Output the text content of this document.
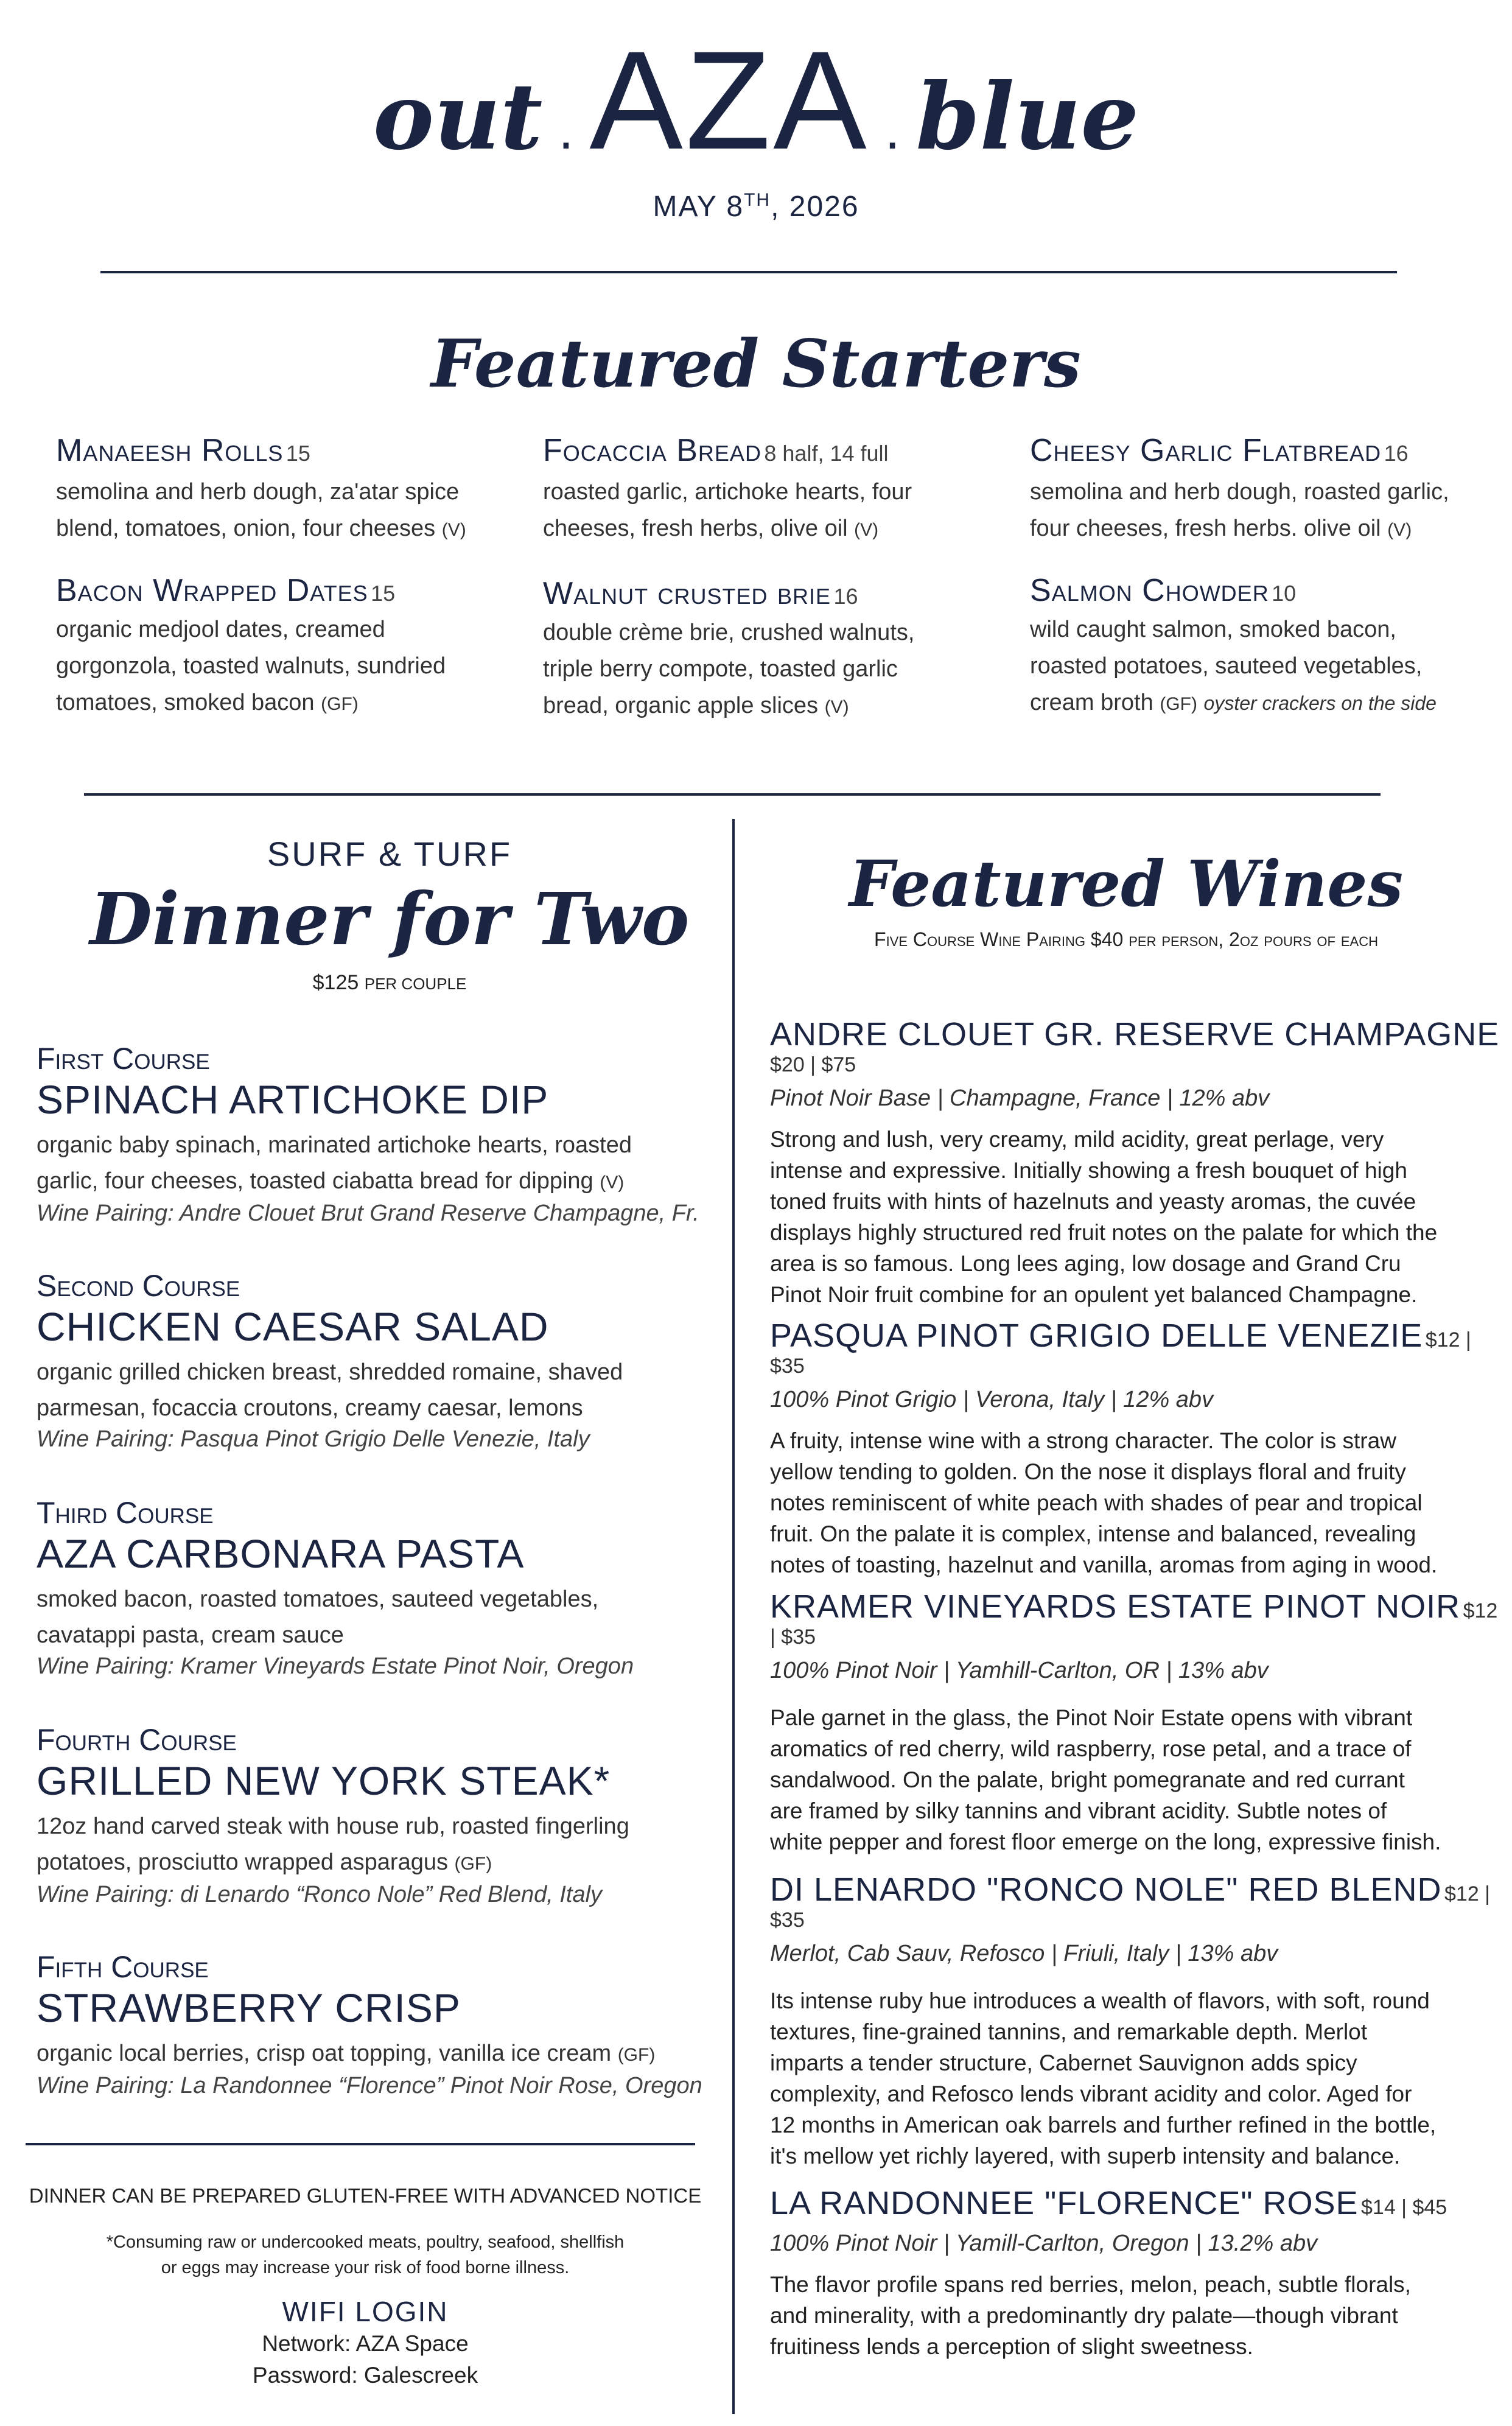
out . AZA . blue
MAY 8TH, 2026
Featured Starters
Manaeesh Rolls 15
semolina and herb dough, za'atar spice
blend, tomatoes, onion, four cheeses (V)
Focaccia Bread 8 half, 14 full
roasted garlic, artichoke hearts, four
cheeses, fresh herbs, olive oil (V)
Cheesy Garlic Flatbread 16
semolina and herb dough, roasted garlic,
four cheeses, fresh herbs. olive oil (V)
Bacon Wrapped Dates 15
organic medjool dates, creamed
gorgonzola, toasted walnuts, sundried
tomatoes, smoked bacon (GF)
Walnut crusted brie 16
double crème brie, crushed walnuts,
triple berry compote, toasted garlic
bread, organic apple slices (V)
Salmon Chowder 10
wild caught salmon, smoked bacon,
roasted potatoes, sauteed vegetables,
cream broth (GF) oyster crackers on the side
SURF & TURF
Dinner for Two
$125 PER COUPLE
First Course
SPINACH ARTICHOKE DIP
organic baby spinach, marinated artichoke hearts, roasted
garlic, four cheeses, toasted ciabatta bread for dipping (V)
Wine Pairing: Andre Clouet Brut Grand Reserve Champagne, Fr.
Second Course
CHICKEN CAESAR SALAD
organic grilled chicken breast, shredded romaine, shaved
parmesan, focaccia croutons, creamy caesar, lemons
Wine Pairing: Pasqua Pinot Grigio Delle Venezie, Italy
Third Course
AZA CARBONARA PASTA
smoked bacon, roasted tomatoes, sauteed vegetables,
cavatappi pasta, cream sauce
Wine Pairing: Kramer Vineyards Estate Pinot Noir, Oregon
Fourth Course
GRILLED NEW YORK STEAK*
12oz hand carved steak with house rub, roasted fingerling
potatoes, prosciutto wrapped asparagus (GF)
Wine Pairing: di Lenardo “Ronco Nole” Red Blend, Italy
Fifth Course
STRAWBERRY CRISP
organic local berries, crisp oat topping, vanilla ice cream (GF)
Wine Pairing: La Randonnee “Florence” Pinot Noir Rose, Oregon
DINNER CAN BE PREPARED GLUTEN-FREE WITH ADVANCED NOTICE
*Consuming raw or undercooked meats, poultry, seafood, shellfish
or eggs may increase your risk of food borne illness.
WIFI LOGIN
Network: AZA Space
Password: Galescreek
Featured Wines
Five Course Wine Pairing $40 per person, 2oz pours of each
ANDRE CLOUET GR. RESERVE CHAMPAGNE $20 | $75
Pinot Noir Base | Champagne, France | 12% abv
Strong and lush, very creamy, mild acidity, great perlage, very
intense and expressive. Initially showing a fresh bouquet of high
toned fruits with hints of hazelnuts and yeasty aromas, the cuvée
displays highly structured red fruit notes on the palate for which the
area is so famous. Long lees aging, low dosage and Grand Cru
Pinot Noir fruit combine for an opulent yet balanced Champagne.
PASQUA PINOT GRIGIO DELLE VENEZIE $12 | $35
100% Pinot Grigio | Verona, Italy | 12% abv
A fruity, intense wine with a strong character. The color is straw
yellow tending to golden. On the nose it displays floral and fruity
notes reminiscent of white peach with shades of pear and tropical
fruit. On the palate it is complex, intense and balanced, revealing
notes of toasting, hazelnut and vanilla, aromas from aging in wood.
KRAMER VINEYARDS ESTATE PINOT NOIR $12 | $35
100% Pinot Noir | Yamhill-Carlton, OR | 13% abv
Pale garnet in the glass, the Pinot Noir Estate opens with vibrant
aromatics of red cherry, wild raspberry, rose petal, and a trace of
sandalwood. On the palate, bright pomegranate and red currant
are framed by silky tannins and vibrant acidity. Subtle notes of
white pepper and forest floor emerge on the long, expressive finish.
DI LENARDO "RONCO NOLE" RED BLEND $12 | $35
Merlot, Cab Sauv, Refosco | Friuli, Italy | 13% abv
Its intense ruby hue introduces a wealth of flavors, with soft, round
textures, fine-grained tannins, and remarkable depth. Merlot
imparts a tender structure, Cabernet Sauvignon adds spicy
complexity, and Refosco lends vibrant acidity and color. Aged for
12 months in American oak barrels and further refined in the bottle,
it's mellow yet richly layered, with superb intensity and balance.
LA RANDONNEE "FLORENCE" ROSE $14 | $45
100% Pinot Noir | Yamill-Carlton, Oregon | 13.2% abv
The flavor profile spans red berries, melon, peach, subtle florals,
and minerality, with a predominantly dry palate—though vibrant
fruitiness lends a perception of slight sweetness.
